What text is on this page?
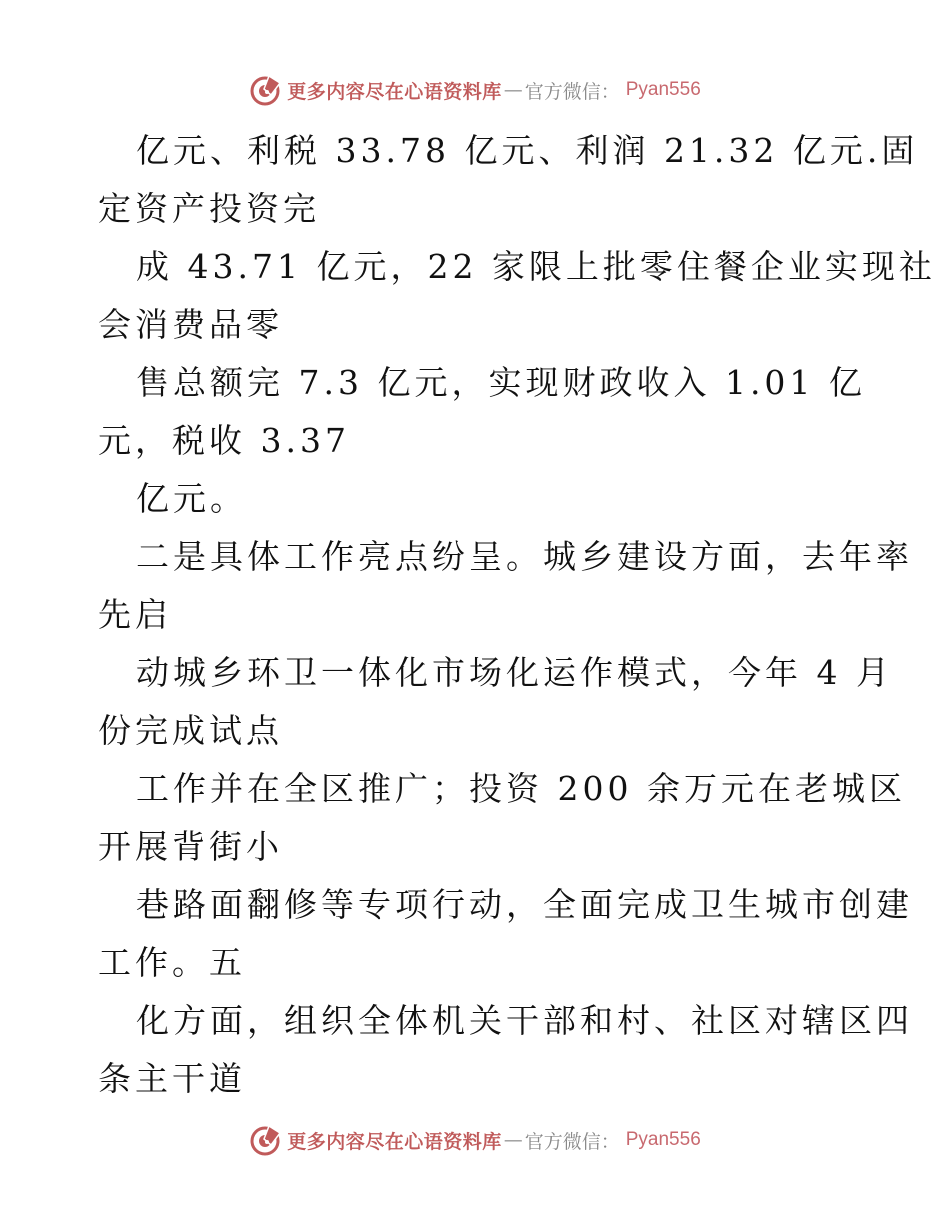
更多内容尽在心语资料库 — 官方微信： Pyan556
亿元、利税 33.78 亿元、利润 21.32 亿元.固
定资产投资完
成 43.71 亿元，22 家限上批零住餐企业实现社
会消费品零
售总额完 7.3 亿元，实现财政收入 1.01 亿
元，税收 3.37
亿元。
二是具体工作亮点纷呈。城乡建设方面，去年率
先启
动城乡环卫一体化市场化运作模式，今年 4 月
份完成试点
工作并在全区推广；投资 200 余万元在老城区
开展背街小
巷路面翻修等专项行动，全面完成卫生城市创建
工作。五
化方面，组织全体机关干部和村、社区对辖区四
条主干道
更多内容尽在心语资料库 — 官方微信： Pyan556
